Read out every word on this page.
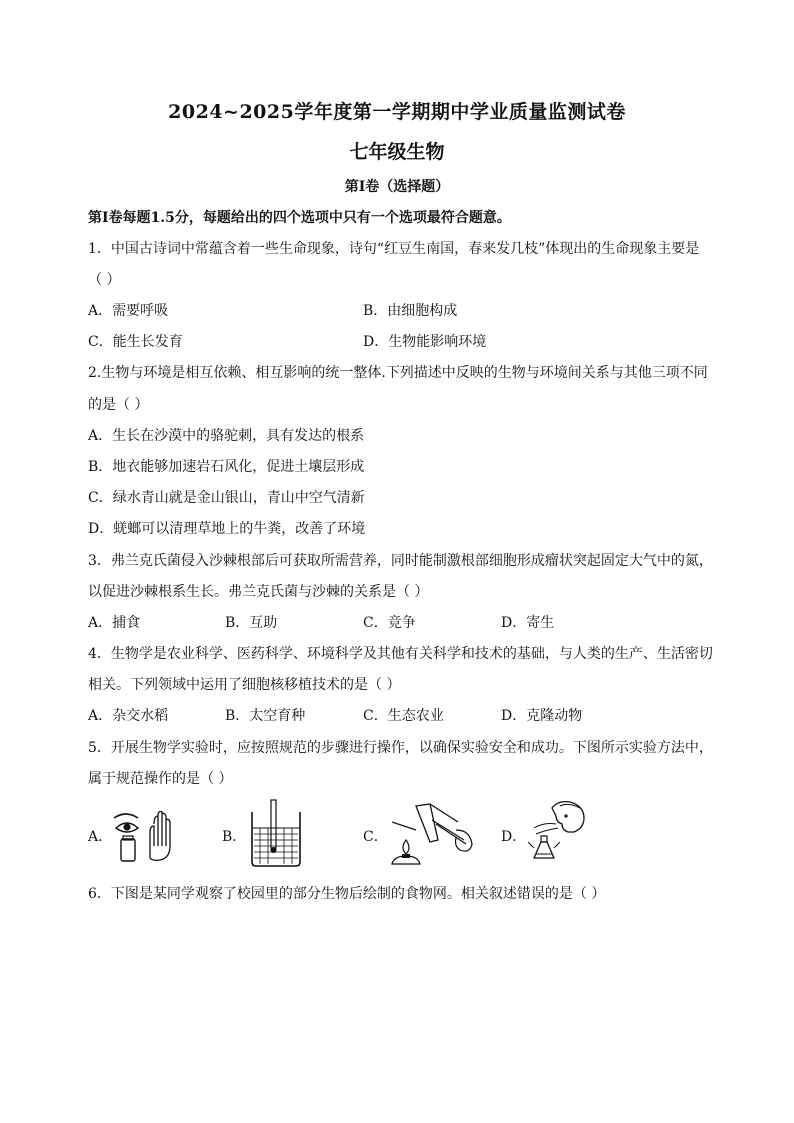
2024~2025学年度第一学期期中学业质量监测试卷
七年级生物
第Ⅰ卷（选择题）
第Ⅰ卷每题1.5分，每题给出的四个选项中只有一个选项最符合题意。
1．中国古诗词中常蕴含着一些生命现象，诗句“红豆生南国，春来发几枝”体现出的生命现象主要是
（ ）
A．需要呼吸	B．由细胞构成
C．能生长发育	D．生物能影响环境
2.生物与环境是相互依赖、相互影响的统一整体.下列描述中反映的生物与环境间关系与其他三项不同
的是（ ）
A．生长在沙漠中的骆驼刺，具有发达的根系
B．地衣能够加速岩石风化，促进土壤层形成
C．绿水青山就是金山银山，青山中空气清新
D．蜣螂可以清理草地上的牛粪，改善了环境
3．弗兰克氏菌侵入沙棘根部后可获取所需营养，同时能制激根部细胞形成瘤状突起固定大气中的氮，
以促进沙棘根系生长。弗兰克氏菌与沙棘的关系是（ ）
A．捕食	B．互助	C．竞争	D．寄生
4．生物学是农业科学、医药科学、环境科学及其他有关科学和技术的基础，与人类的生产、生活密切
相关。下列领域中运用了细胞核移植技术的是（ ）
A．杂交水稻	B．太空育种	C．生态农业	D．克隆动物
5．开展生物学实验时，应按照规范的步骤进行操作，以确保实验安全和成功。下图所示实验方法中，
属于规范操作的是（ ）
A．	B．	C．	D．
6．下图是某同学观察了校园里的部分生物后绘制的食物网。相关叙述错误的是（ ）
